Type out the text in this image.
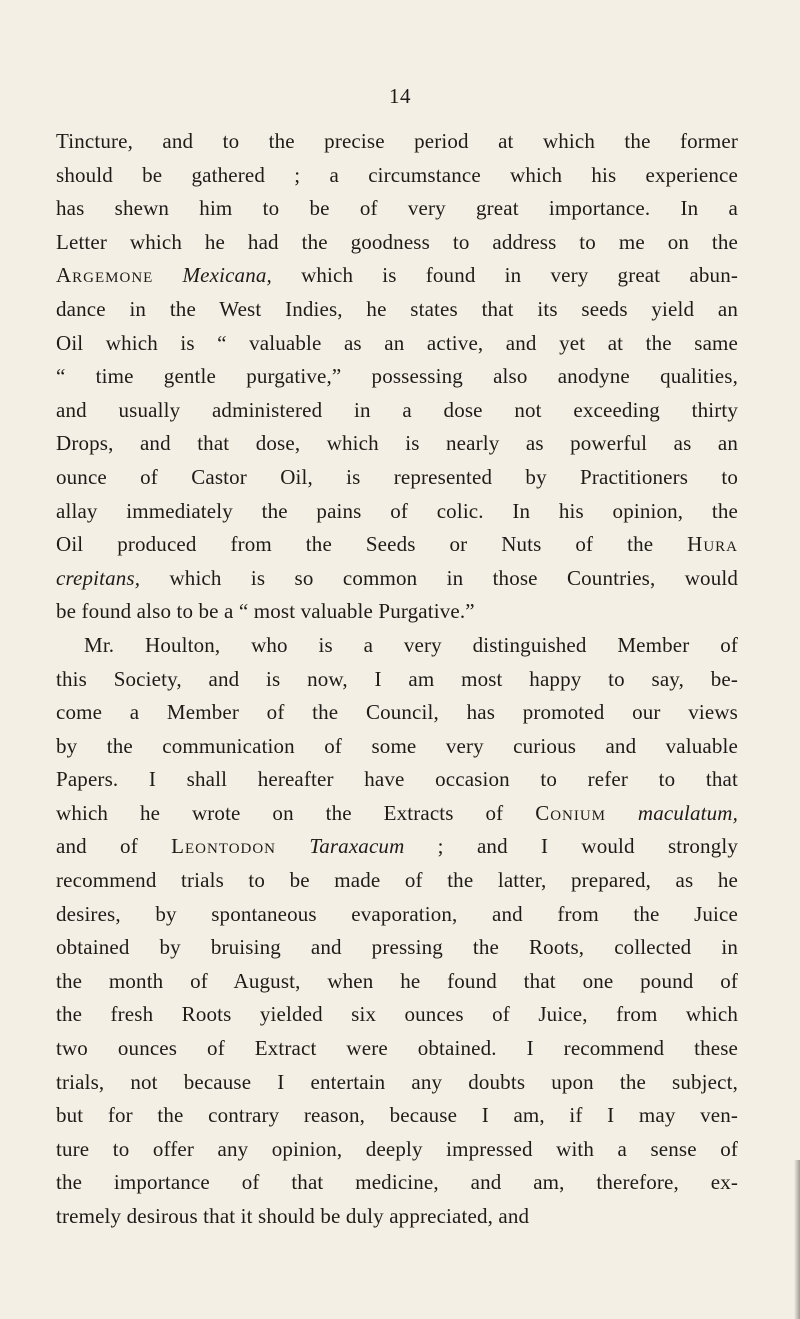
14

Tincture, and to the precise period at which the former
should be gathered ; a circumstance which his experience
has shewn him to be of very great importance. In a
Letter which he had the goodness to address to me on the
Argemone Mexicana, which is found in very great abun-
dance in the West Indies, he states that its seeds yield an
Oil which is “ valuable as an active, and yet at the same
“ time gentle purgative,” possessing also anodyne qualities,
and usually administered in a dose not exceeding thirty
Drops, and that dose, which is nearly as powerful as an
ounce of Castor Oil, is represented by Practitioners to
allay immediately the pains of colic. In his opinion, the
Oil produced from the Seeds or Nuts of the Hura
crepitans, which is so common in those Countries, would
be found also to be a “ most valuable Purgative.”

Mr. Houlton, who is a very distinguished Member of
this Society, and is now, I am most happy to say, be-
come a Member of the Council, has promoted our views
by the communication of some very curious and valuable
Papers. I shall hereafter have occasion to refer to that
which he wrote on the Extracts of Conium maculatum,
and of Leontodon Taraxacum ; and I would strongly
recommend trials to be made of the latter, prepared, as he
desires, by spontaneous evaporation, and from the Juice
obtained by bruising and pressing the Roots, collected in
the month of August, when he found that one pound of
the fresh Roots yielded six ounces of Juice, from which
two ounces of Extract were obtained. I recommend these
trials, not because I entertain any doubts upon the subject,
but for the contrary reason, because I am, if I may ven-
ture to offer any opinion, deeply impressed with a sense of
the importance of that medicine, and am, therefore, ex-
tremely desirous that it should be duly appreciated, and
